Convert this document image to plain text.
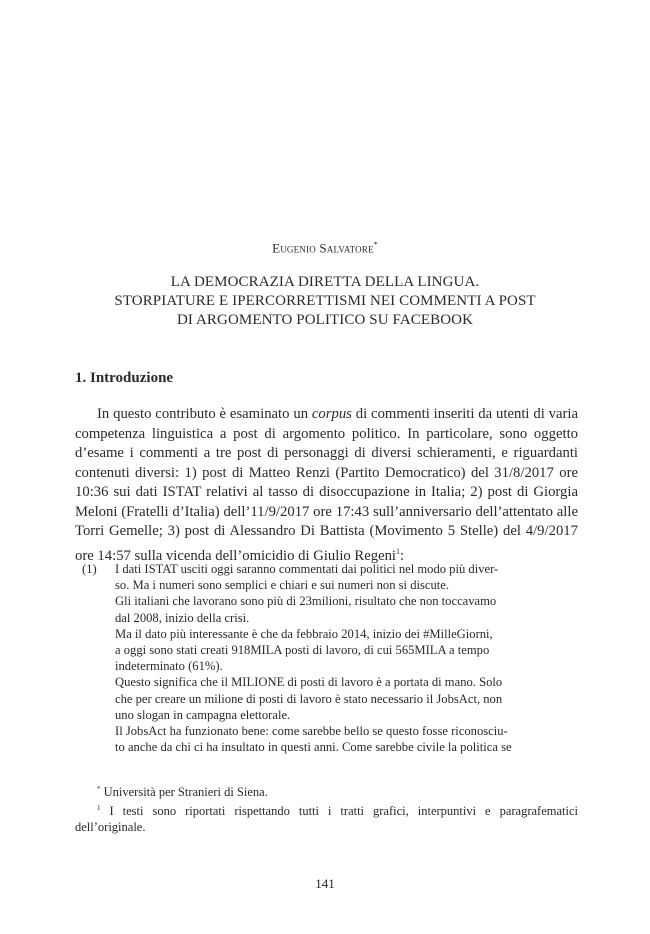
Eugenio Salvatore*
LA DEMOCRAZIA DIRETTA DELLA LINGUA.
STORPIATURE E IPERCORRETTISMI NEI COMMENTI A POST
DI ARGOMENTO POLITICO SU FACEBOOK
1. Introduzione

In questo contributo è esaminato un corpus di commenti inseriti da utenti di varia competenza linguistica a post di argomento politico. In particolare, sono oggetto d’esame i commenti a tre post di personaggi di diversi schieramenti, e riguardanti contenuti diversi: 1) post di Matteo Renzi (Partito Democratico) del 31/8/2017 ore 10:36 sui dati ISTAT relativi al tasso di disoccupazione in Italia; 2) post di Giorgia Meloni (Fratelli d’Italia) dell’11/9/2017 ore 17:43 sull’anniversario dell’attentato alle Torri Gemelle; 3) post di Alessandro Di Battista (Movimento 5 Stelle) del 4/9/2017 ore 14:57 sulla vicenda dell’omicidio di Giulio Regeni$^1$:

(1) I dati ISTAT usciti oggi saranno commentati dai politici nel modo più diver-
so. Ma i numeri sono semplici e chiari e sui numeri non si discute.
Gli italiani che lavorano sono più di 23milioni, risultato che non toccavamo
dal 2008, inizio della crisi.
Ma il dato più interessante è che da febbraio 2014, inizio dei #MilleGiorni,
a oggi sono stati creati 918MILA posti di lavoro, di cui 565MILA a tempo
indeterminato (61%).
Questo significa che il MILIONE di posti di lavoro è a portata di mano. Solo
che per creare un milione di posti di lavoro è stato necessario il JobsAct, non
uno slogan in campagna elettorale.
Il JobsAct ha funzionato bene: come sarebbe bello se questo fosse riconosciu-
to anche da chi ci ha insultato in questi anni. Come sarebbe civile la politica se
* Università per Stranieri di Siena.
$^1$ I testi sono riportati rispettando tutti i tratti grafici, interpuntivi e paragrafematici dell’originale.
141
